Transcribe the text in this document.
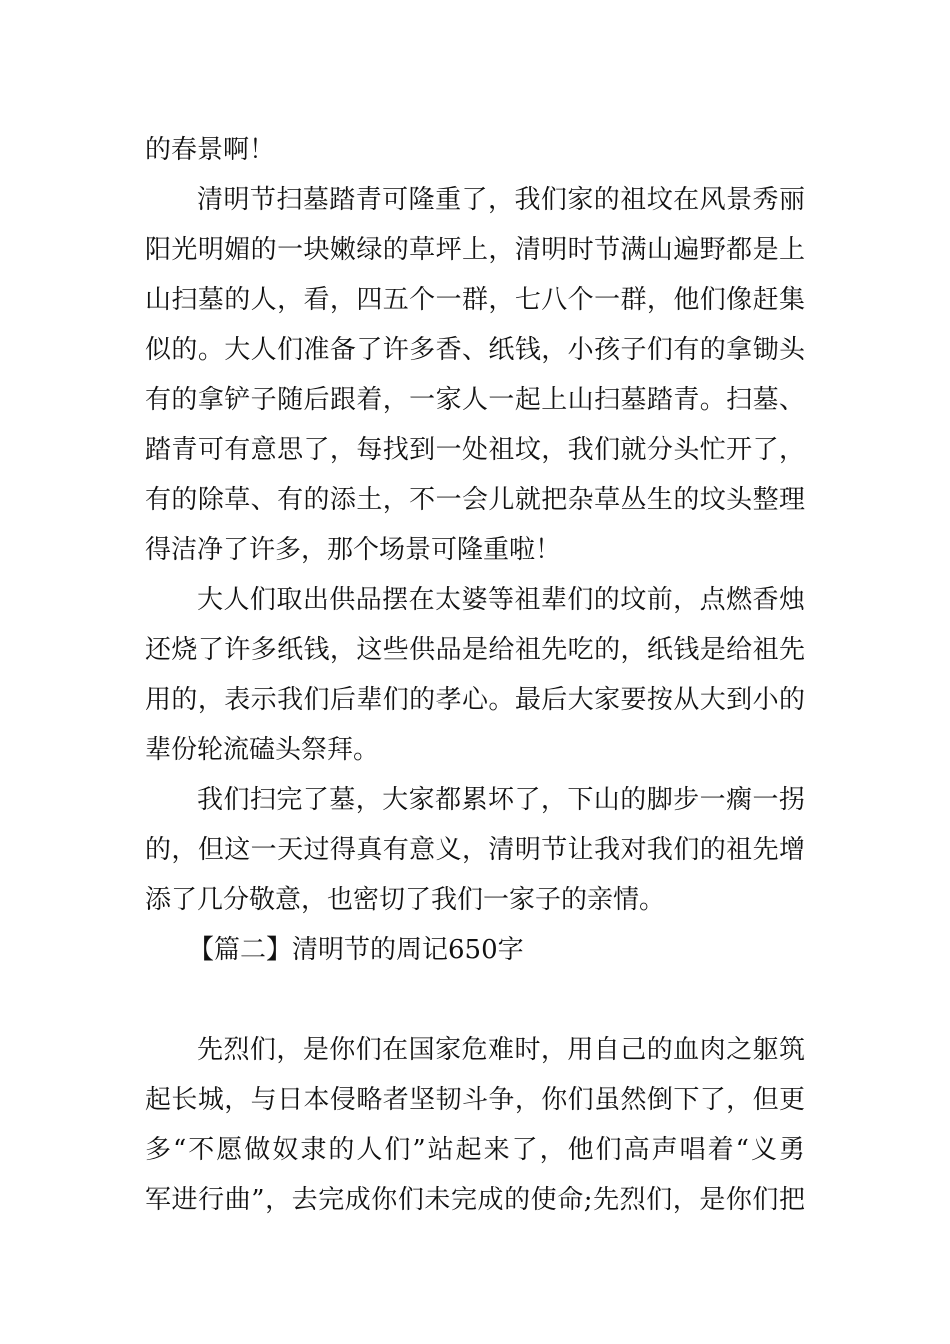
的春景啊！
清明节扫墓踏青可隆重了，我们家的祖坟在风景秀丽
阳光明媚的一块嫩绿的草坪上，清明时节满山遍野都是上
山扫墓的人，看，四五个一群，七八个一群，他们像赶集
似的。大人们准备了许多香、纸钱，小孩子们有的拿锄头
有的拿铲子随后跟着，一家人一起上山扫墓踏青。扫墓、
踏青可有意思了，每找到一处祖坟，我们就分头忙开了，
有的除草、有的添土，不一会儿就把杂草丛生的坟头整理
得洁净了许多，那个场景可隆重啦！
大人们取出供品摆在太婆等祖辈们的坟前，点燃香烛
还烧了许多纸钱，这些供品是给祖先吃的，纸钱是给祖先
用的，表示我们后辈们的孝心。最后大家要按从大到小的
辈份轮流磕头祭拜。
我们扫完了墓，大家都累坏了，下山的脚步一瘸一拐
的，但这一天过得真有意义，清明节让我对我们的祖先增
添了几分敬意，也密切了我们一家子的亲情。
【篇二】清明节的周记650字
先烈们，是你们在国家危难时，用自己的血肉之躯筑
起长城，与日本侵略者坚韧斗争，你们虽然倒下了，但更
多“不愿做奴隶的人们”站起来了，他们高声唱着“义勇
军进行曲”，去完成你们未完成的使命;先烈们，是你们把
